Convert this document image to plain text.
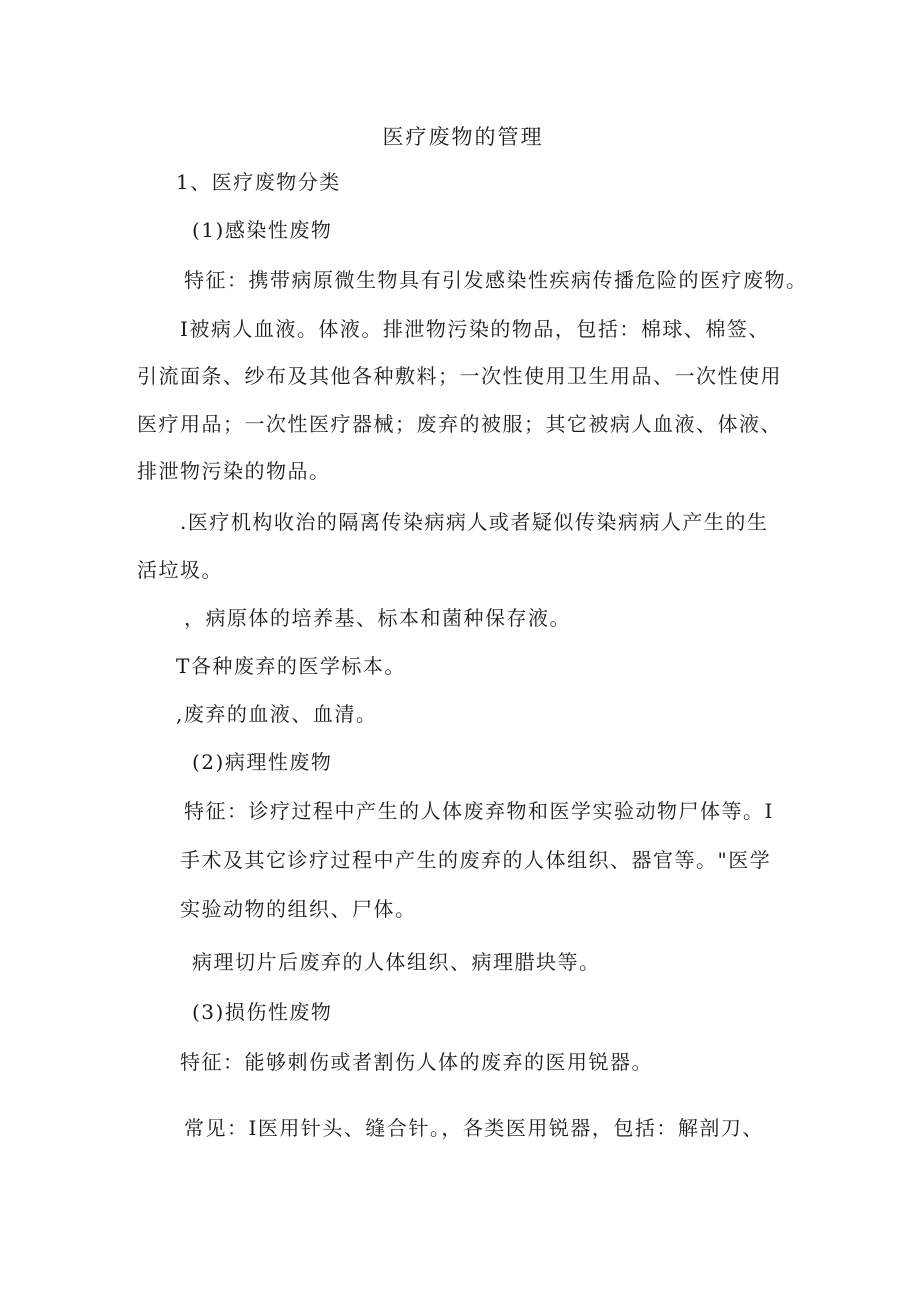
医疗废物的管理
1、医疗废物分类
(1)感染性废物
特征：携带病原微生物具有引发感染性疾病传播危险的医疗废物。
I被病人血液。体液。排泄物污染的物品，包括：棉球、棉签、
引流面条、纱布及其他各种敷料；一次性使用卫生用品、一次性使用
医疗用品；一次性医疗器械；废弃的被服；其它被病人血液、体液、
排泄物污染的物品。
.医疗机构收治的隔离传染病病人或者疑似传染病病人产生的生
活垃圾。
，病原体的培养基、标本和菌种保存液。
T各种废弃的医学标本。
,废弃的血液、血清。
(2)病理性废物
特征：诊疗过程中产生的人体废弃物和医学实验动物尸体等。I
手术及其它诊疗过程中产生的废弃的人体组织、器官等。"医学
实验动物的组织、尸体。
病理切片后废弃的人体组织、病理腊块等。
(3)损伤性废物
特征：能够刺伤或者割伤人体的废弃的医用锐器。
常见：I医用针头、缝合针。，各类医用锐器，包括：解剖刀、
